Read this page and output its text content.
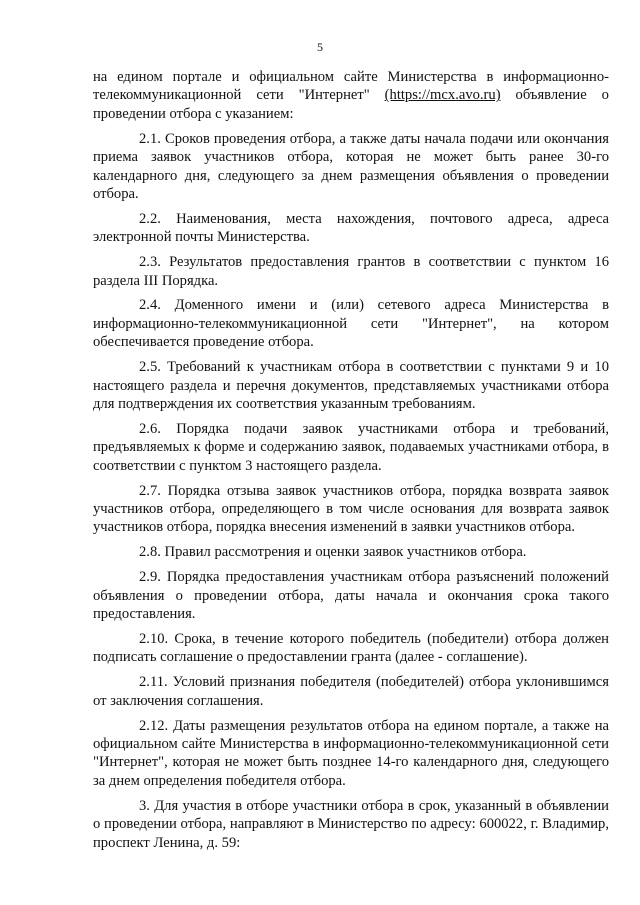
5

на едином портале и официальном сайте Министерства в информационно-телекоммуникационной сети "Интернет" (https://mcx.avo.ru) объявление о проведении отбора с указанием:

2.1. Сроков проведения отбора, а также даты начала подачи или окончания приема заявок участников отбора, которая не может быть ранее 30-го календарного дня, следующего за днем размещения объявления о проведении отбора.

2.2. Наименования, места нахождения, почтового адреса, адреса электронной почты Министерства.

2.3. Результатов предоставления грантов в соответствии с пунктом 16 раздела III Порядка.

2.4. Доменного имени и (или) сетевого адреса Министерства в информационно-телекоммуникационной сети "Интернет", на котором обеспечивается проведение отбора.

2.5. Требований к участникам отбора в соответствии с пунктами 9 и 10 настоящего раздела и перечня документов, представляемых участниками отбора для подтверждения их соответствия указанным требованиям.

2.6. Порядка подачи заявок участниками отбора и требований, предъявляемых к форме и содержанию заявок, подаваемых участниками отбора, в соответствии с пунктом 3 настоящего раздела.

2.7. Порядка отзыва заявок участников отбора, порядка возврата заявок участников отбора, определяющего в том числе основания для возврата заявок участников отбора, порядка внесения изменений в заявки участников отбора.

2.8. Правил рассмотрения и оценки заявок участников отбора.

2.9. Порядка предоставления участникам отбора разъяснений положений объявления о проведении отбора, даты начала и окончания срока такого предоставления.

2.10. Срока, в течение которого победитель (победители) отбора должен подписать соглашение о предоставлении гранта (далее - соглашение).

2.11. Условий признания победителя (победителей) отбора уклонившимся от заключения соглашения.

2.12. Даты размещения результатов отбора на едином портале, а также на официальном сайте Министерства в информационно-телекоммуникационной сети "Интернет", которая не может быть позднее 14-го календарного дня, следующего за днем определения победителя отбора.

3. Для участия в отборе участники отбора в срок, указанный в объявлении о проведении отбора, направляют в Министерство по адресу: 600022, г. Владимир, проспект Ленина, д. 59:
